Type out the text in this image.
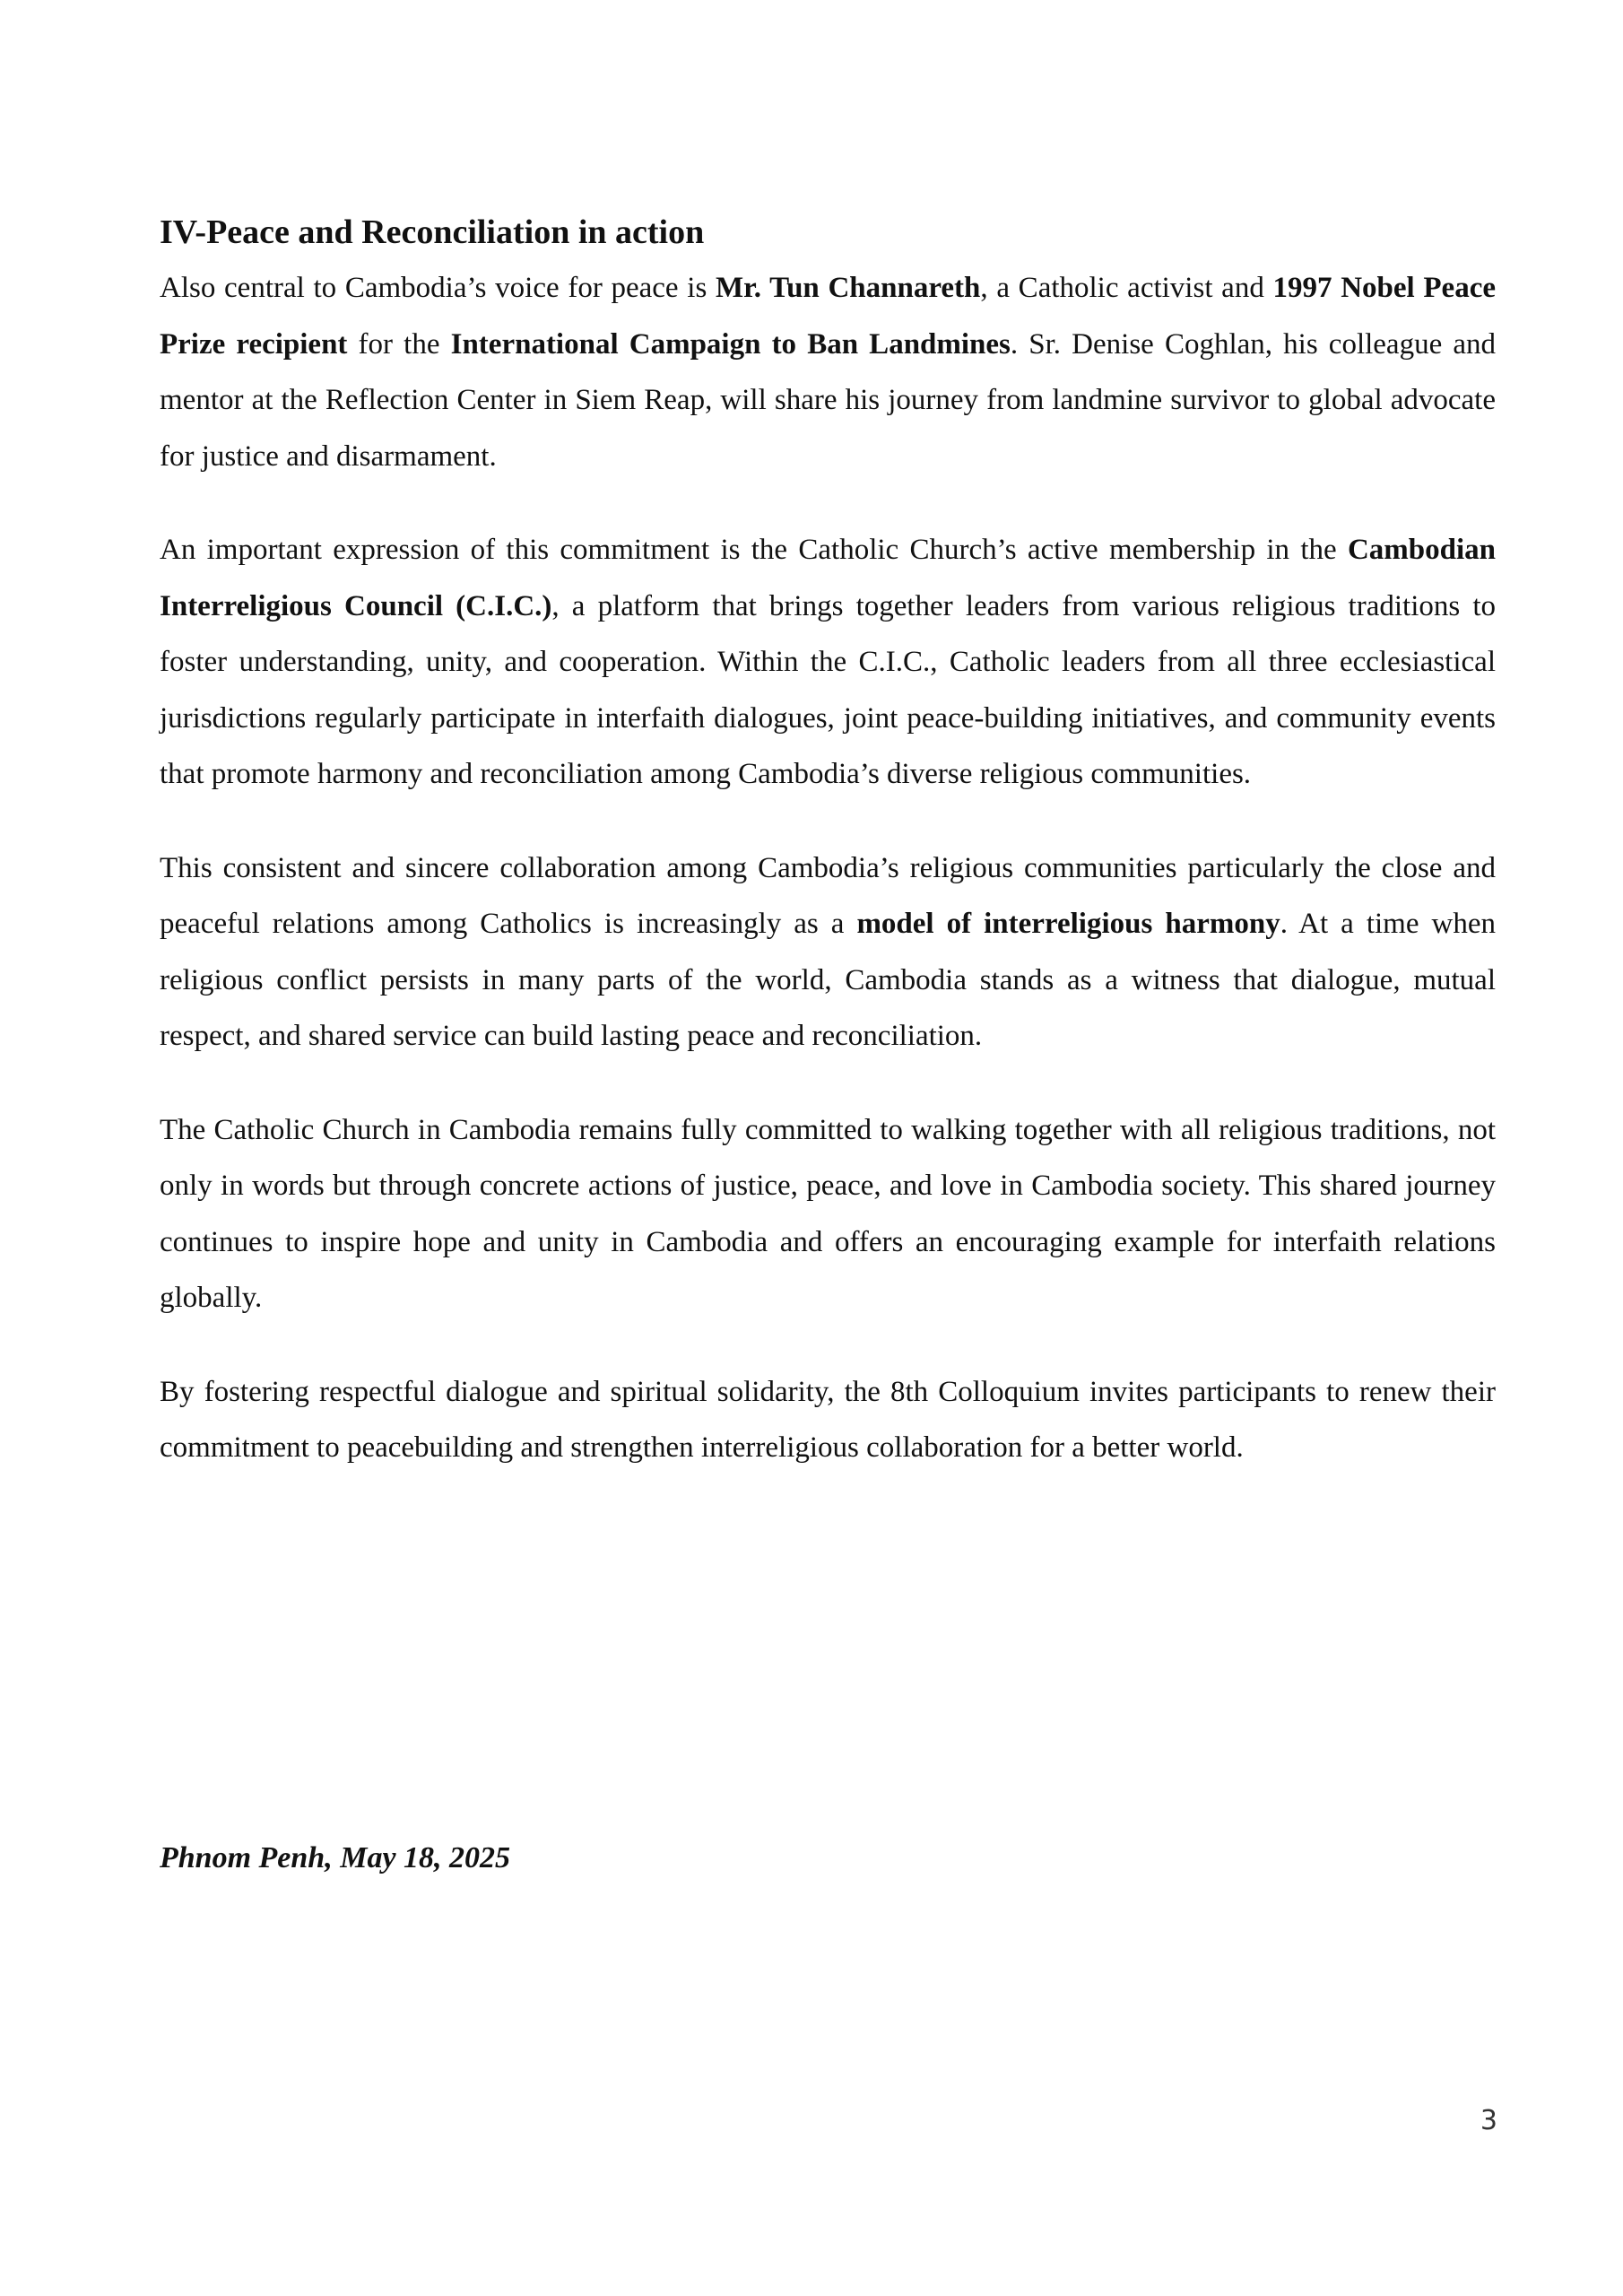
IV-Peace and Reconciliation in action

Also central to Cambodia’s voice for peace is Mr. Tun Channareth, a Catholic activist and 1997 Nobel Peace Prize recipient for the International Campaign to Ban Landmines. Sr. Denise Coghlan, his colleague and mentor at the Reflection Center in Siem Reap, will share his journey from landmine survivor to global advocate for justice and disarmament.

An important expression of this commitment is the Catholic Church’s active membership in the Cambodian Interreligious Council (C.I.C.), a platform that brings together leaders from various religious traditions to foster understanding, unity, and cooperation. Within the C.I.C., Catholic leaders from all three ecclesiastical jurisdictions regularly participate in interfaith dialogues, joint peace-building initiatives, and community events that promote harmony and reconciliation among Cambodia’s diverse religious communities.

This consistent and sincere collaboration among Cambodia’s religious communities particularly the close and peaceful relations among Catholics is increasingly as a model of interreligious harmony. At a time when religious conflict persists in many parts of the world, Cambodia stands as a witness that dialogue, mutual respect, and shared service can build lasting peace and reconciliation.

The Catholic Church in Cambodia remains fully committed to walking together with all religious traditions, not only in words but through concrete actions of justice, peace, and love in Cambodia society. This shared journey continues to inspire hope and unity in Cambodia and offers an encouraging example for interfaith relations globally.

By fostering respectful dialogue and spiritual solidarity, the 8th Colloquium invites participants to renew their commitment to peacebuilding and strengthen interreligious collaboration for a better world.

Phnom Penh, May 18, 2025
3
